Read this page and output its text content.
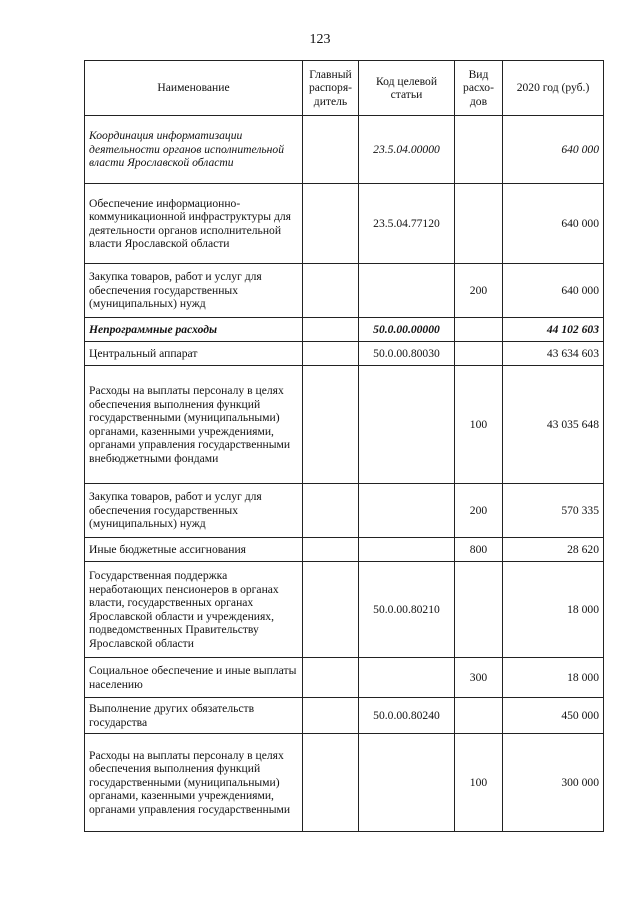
123
Наименование	Главный распоря-дитель	Код целевой статьи	Вид расхо-дов	2020 год (руб.)
Координация информатизации деятельности органов исполнительной власти Ярославской области		23.5.04.00000		640 000
Обеспечение информационно-коммуникационной инфраструктуры для деятельности органов исполнительной власти Ярославской области		23.5.04.77120		640 000
Закупка товаров, работ и услуг для обеспечения государственных (муниципальных) нужд			200	640 000
Непрограммные расходы		50.0.00.00000		44 102 603
Центральный аппарат		50.0.00.80030		43 634 603
Расходы на выплаты персоналу в целях обеспечения выполнения функций государственными (муниципальными) органами, казенными учреждениями, органами управления государственными внебюджетными фондами			100	43 035 648
Закупка товаров, работ и услуг для обеспечения государственных (муниципальных) нужд			200	570 335
Иные бюджетные ассигнования			800	28 620
Государственная поддержка неработающих пенсионеров в органах власти, государственных органах Ярославской области и учреждениях, подведомственных Правительству Ярославской области		50.0.00.80210		18 000
Социальное обеспечение и иные выплаты населению			300	18 000
Выполнение других обязательств государства		50.0.00.80240		450 000
Расходы на выплаты персоналу в целях обеспечения выполнения функций государственными (муниципальными) органами, казенными учреждениями, органами управления государственными			100	300 000
